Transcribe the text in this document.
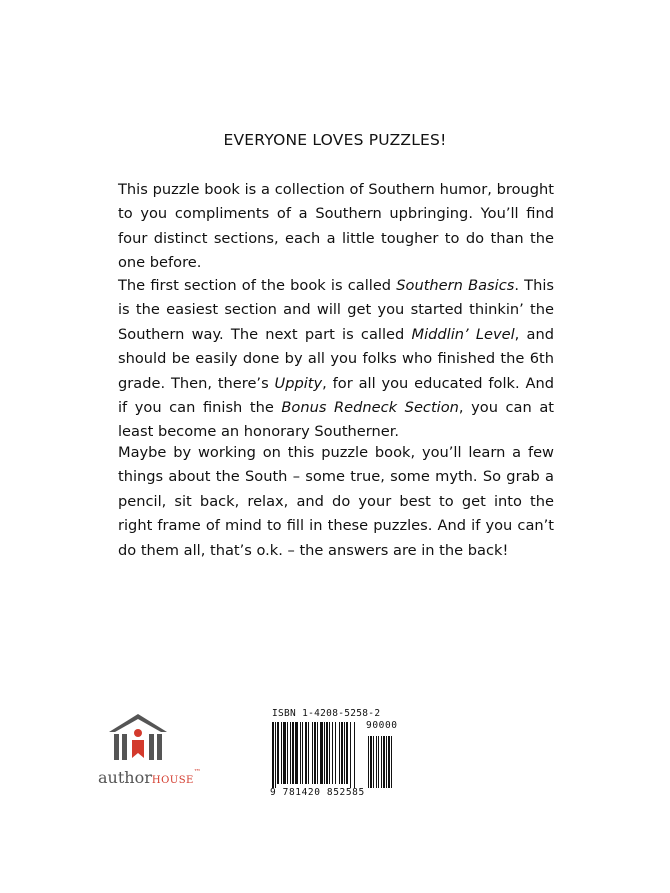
EVERYONE LOVES PUZZLES!

This puzzle book is a collection of Southern humor, brought to you compliments of a Southern upbringing. You’ll find four distinct sections, each a little tougher to do than the one before.

The first section of the book is called Southern Basics. This is the easiest section and will get you started thinkin’ the Southern way. The next part is called Middlin’ Level, and should be easily done by all you folks who finished the 6th grade. Then, there’s Uppity, for all you educated folk. And if you can finish the Bonus Redneck Section, you can at least become an honorary Southerner.

Maybe by working on this puzzle book, you’ll learn a few things about the South – some true, some myth. So grab a pencil, sit back, relax, and do your best to get into the right frame of mind to fill in these puzzles. And if you can’t do them all, that’s o.k. – the answers are in the back!

authorHOUSE™
ISBN 1-4208-5258-2
90000
9 781420 852585
